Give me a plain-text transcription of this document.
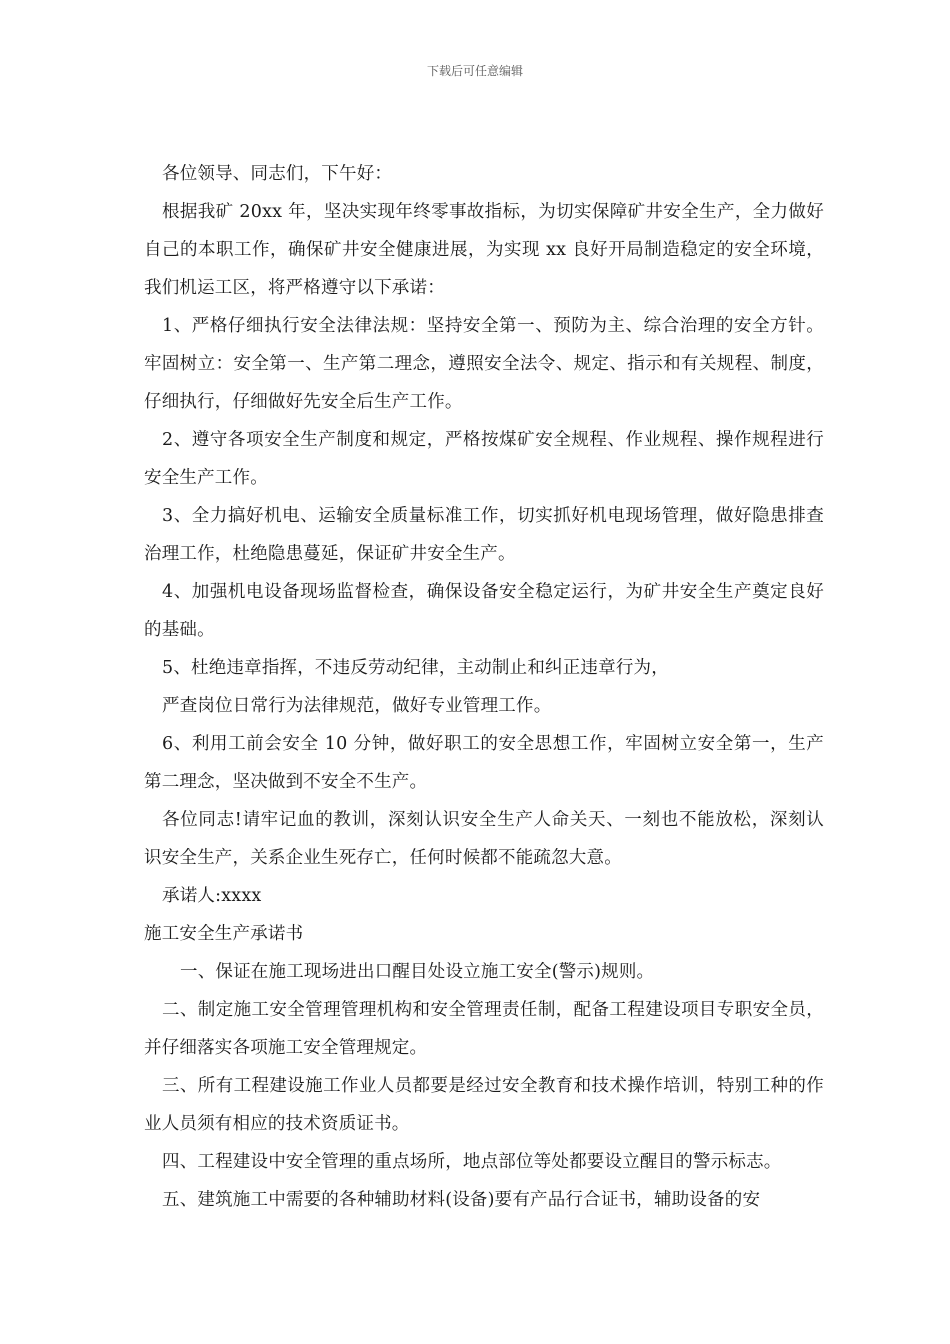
下载后可任意编辑

各位领导、同志们，下午好：

根据我矿 20xx 年，坚决实现年终零事故指标，为切实保障矿井安全生产，全力做好自己的本职工作，确保矿井安全健康进展，为实现 xx 良好开局制造稳定的安全环境，我们机运工区，将严格遵守以下承诺：

1、严格仔细执行安全法律法规：坚持安全第一、预防为主、综合治理的安全方针。牢固树立：安全第一、生产第二理念，遵照安全法令、规定、指示和有关规程、制度，仔细执行，仔细做好先安全后生产工作。

2、遵守各项安全生产制度和规定，严格按煤矿安全规程、作业规程、操作规程进行安全生产工作。

3、全力搞好机电、运输安全质量标准工作，切实抓好机电现场管理，做好隐患排查治理工作，杜绝隐患蔓延，保证矿井安全生产。

4、加强机电设备现场监督检查，确保设备安全稳定运行，为矿井安全生产奠定良好的基础。

5、杜绝违章指挥，不违反劳动纪律，主动制止和纠正违章行为，

严查岗位日常行为法律规范，做好专业管理工作。

6、利用工前会安全 10 分钟，做好职工的安全思想工作，牢固树立安全第一，生产第二理念，坚决做到不安全不生产。

各位同志!请牢记血的教训，深刻认识安全生产人命关天、一刻也不能放松，深刻认识安全生产，关系企业生死存亡，任何时候都不能疏忽大意。

承诺人:xxxx

施工安全生产承诺书

一、保证在施工现场进出口醒目处设立施工安全(警示)规则。

二、制定施工安全管理管理机构和安全管理责任制，配备工程建设项目专职安全员，并仔细落实各项施工安全管理规定。

三、所有工程建设施工作业人员都要是经过安全教育和技术操作培训，特别工种的作业人员须有相应的技术资质证书。

四、工程建设中安全管理的重点场所，地点部位等处都要设立醒目的警示标志。

五、建筑施工中需要的各种辅助材料(设备)要有产品行合证书，辅助设备的安
